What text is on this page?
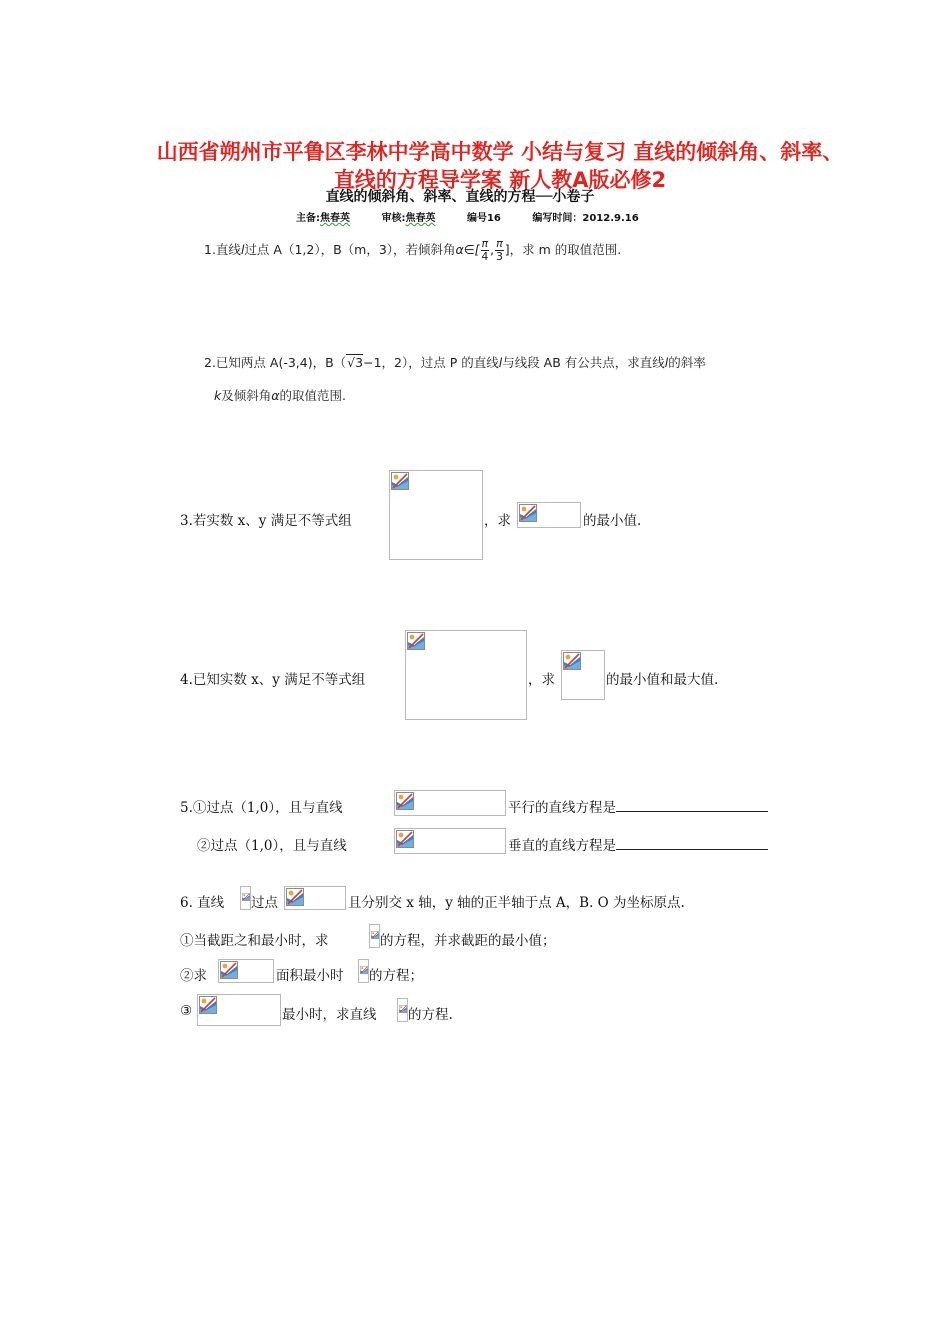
山西省朔州市平鲁区李林中学高中数学 小结与复习 直线的倾斜角、斜率、直线的方程导学案 新人教A版必修2
直线的倾斜角、斜率、直线的方程──小卷子
主备:焦春英	审核:焦春英	编号16	编写时间：2012.9.16
1.直线l过点 A（1,2），B（m，3），若倾斜角α∈[ $\frac{\pi}{4}$ , $\frac{\pi}{3}$ ]，求 m 的取值范围.
2.已知两点 A(-3,4)，B（√3−1，2），过点 P 的直线l与线段 AB 有公共点，求直线l的斜率
k及倾斜角α的取值范围.
3.若实数 x、y 满足不等式组	，求	的最小值.
4.已知实数 x、y 满足不等式组	，求	的最小值和最大值.
5.①过点（1,0），且与直线	平行的直线方程是
②过点（1,0），且与直线	垂直的直线方程是
6. 直线 过点	且分别交 x 轴，y 轴的正半轴于点 A，B. O 为坐标原点.
①当截距之和最小时，求	的方程，并求截距的最小值；
②求	面积最小时 的方程；
③	最小时，求直线 的方程.
